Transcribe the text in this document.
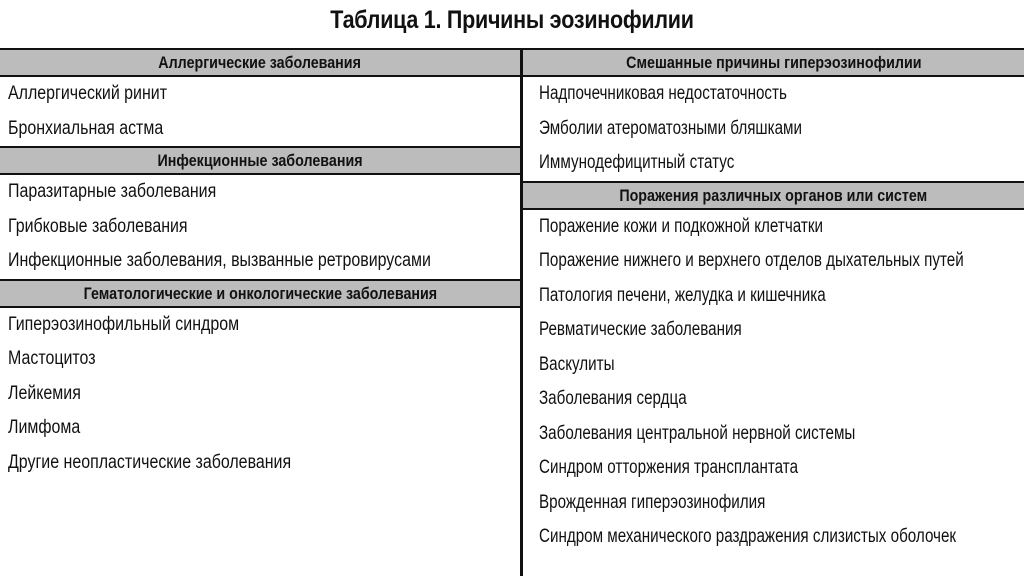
Таблица 1. Причины эозинофилии
Аллергические заболевания
Аллергический ринит
Бронхиальная астма
Инфекционные заболевания
Паразитарные заболевания
Грибковые заболевания
Инфекционные заболевания, вызванные ретровирусами
Гематологические и онкологические заболевания
Гиперэозинофильный синдром
Мастоцитоз
Лейкемия
Лимфома
Другие неопластические заболевания
Смешанные причины гиперэозинофилии
Надпочечниковая недостаточность
Эмболии атероматозными бляшками
Иммунодефицитный статус
Поражения различных органов или систем
Поражение кожи и подкожной клетчатки
Поражение нижнего и верхнего отделов дыхательных путей
Патология печени, желудка и кишечника
Ревматические заболевания
Васкулиты
Заболевания сердца
Заболевания центральной нервной системы
Синдром отторжения трансплантата
Врожденная гиперэозинофилия
Синдром механического раздражения слизистых оболочек
